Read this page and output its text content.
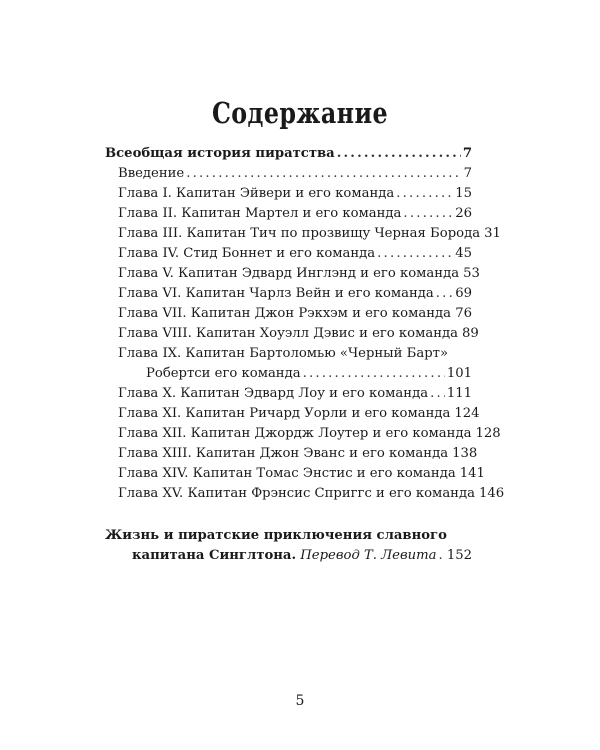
Содержание
Всеобщая история пиратства .....	7
Введение .....	7
Глава I. Капитан Эйвери и его команда .....	15
Глава II. Капитан Мартел и его команда .....	26
Глава III. Капитан Тич по прозвищу Черная Борода 31
Глава IV. Стид Боннет и его команда .....	45
Глава V. Капитан Эдвард Инглэнд и его команда 53
Глава VI. Капитан Чарлз Вейн и его команда ..... 69
Глава VII. Капитан Джон Рэкхэм и его команда ..... 76
Глава VIII. Капитан Хоуэлл Дэвис и его команда 89
Глава IX. Капитан Бартоломью «Черный Барт»
Робертси его команда .....	101
Глава X. Капитан Эдвард Лоу и его команда ..... 111
Глава XI. Капитан Ричард Уорли и его команда 124
Глава XII. Капитан Джордж Лоутер и его команда 128
Глава XIII. Капитан Джон Эванс и его команда 138
Глава XIV. Капитан Томас Энстис и его команда 141
Глава XV. Капитан Фрэнсис Сприггс и его команда 146
Жизнь и пиратские приключения славного
капитана Синглтона. Перевод Т. Левита ..... 152
5
